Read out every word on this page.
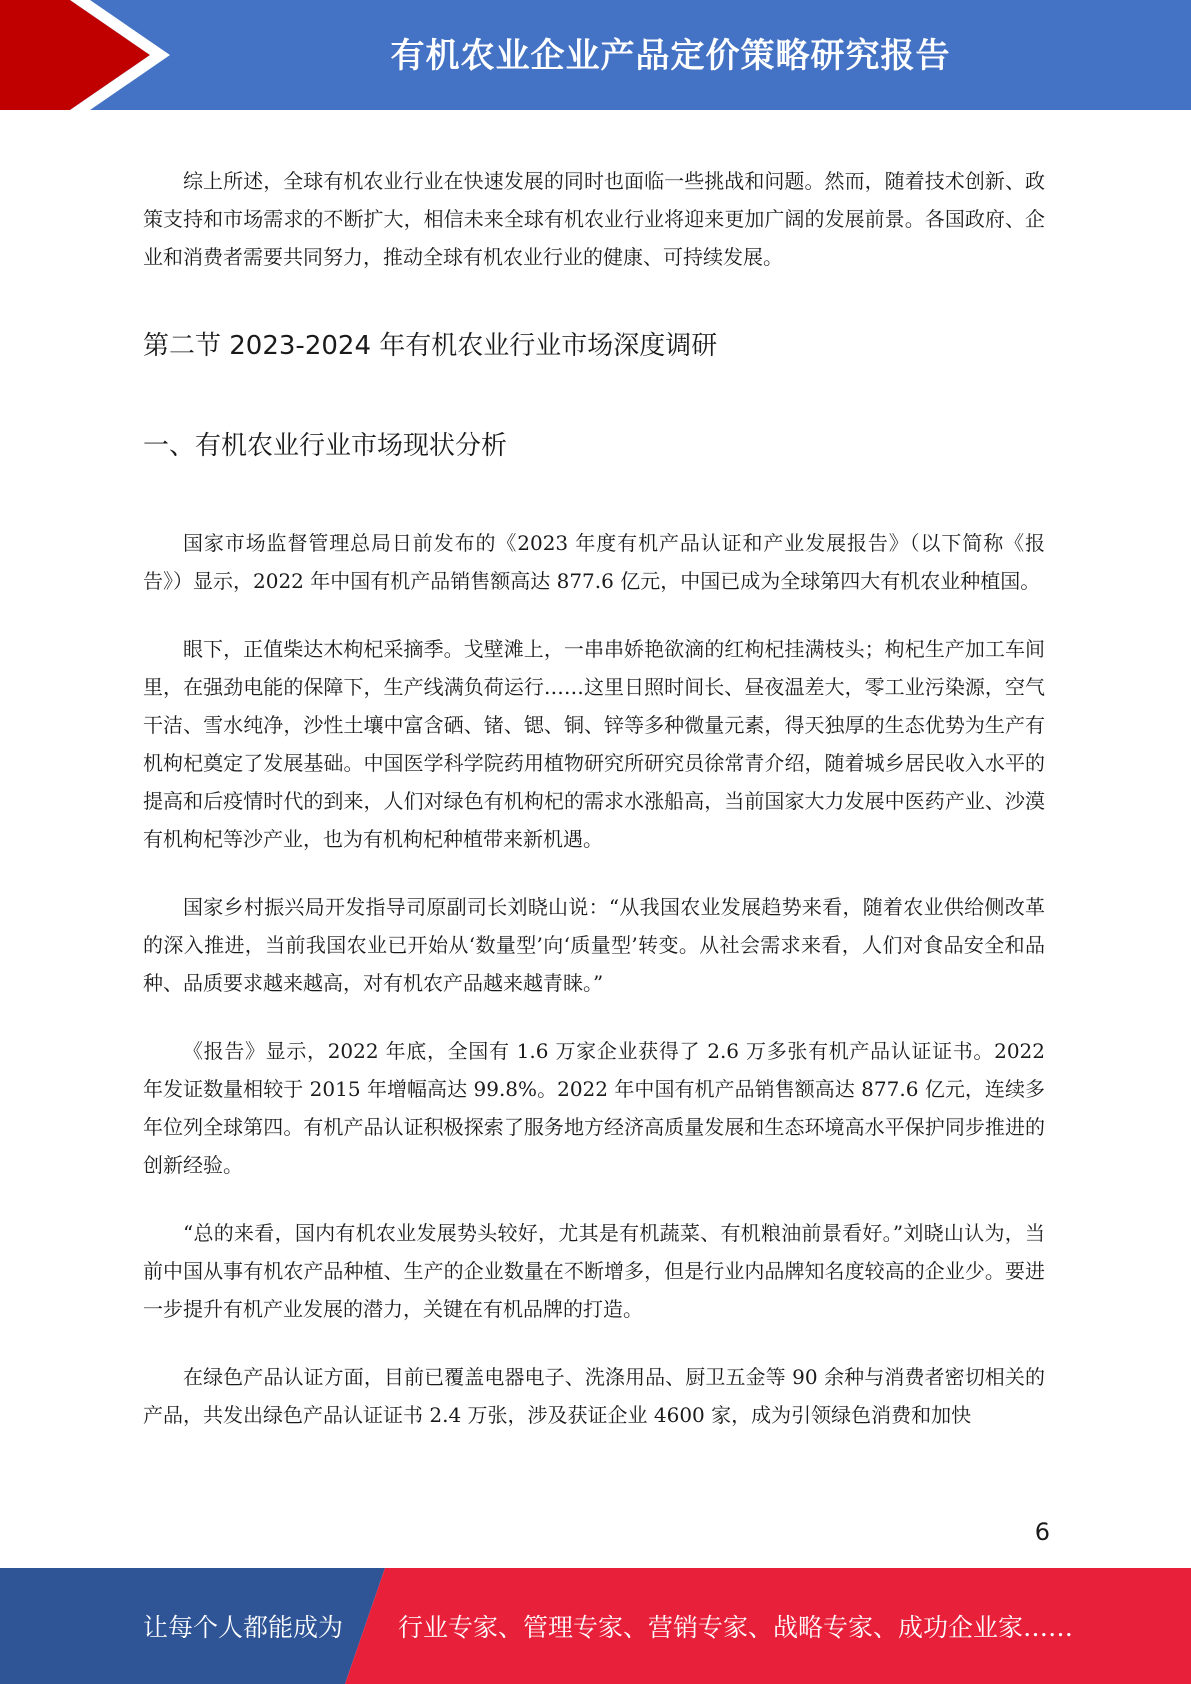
有机农业企业产品定价策略研究报告

综上所述，全球有机农业行业在快速发展的同时也面临一些挑战和问题。然而，随着技术创新、政策支持和市场需求的不断扩大，相信未来全球有机农业行业将迎来更加广阔的发展前景。各国政府、企业和消费者需要共同努力，推动全球有机农业行业的健康、可持续发展。

第二节 2023-2024 年有机农业行业市场深度调研
一、有机农业行业市场现状分析

国家市场监督管理总局日前发布的《2023 年度有机产品认证和产业发展报告》（以下简称《报告》）显示，2022 年中国有机产品销售额高达 877.6 亿元，中国已成为全球第四大有机农业种植国。

眼下，正值柴达木枸杞采摘季。戈壁滩上，一串串娇艳欲滴的红枸杞挂满枝头；枸杞生产加工车间里，在强劲电能的保障下，生产线满负荷运行……这里日照时间长、昼夜温差大，零工业污染源，空气干洁、雪水纯净，沙性土壤中富含硒、锗、锶、铜、锌等多种微量元素，得天独厚的生态优势为生产有机枸杞奠定了发展基础。中国医学科学院药用植物研究所研究员徐常青介绍，随着城乡居民收入水平的提高和后疫情时代的到来，人们对绿色有机枸杞的需求水涨船高，当前国家大力发展中医药产业、沙漠有机枸杞等沙产业，也为有机枸杞种植带来新机遇。

国家乡村振兴局开发指导司原副司长刘晓山说：“从我国农业发展趋势来看，随着农业供给侧改革的深入推进，当前我国农业已开始从‘数量型’向‘质量型’转变。从社会需求来看，人们对食品安全和品种、品质要求越来越高，对有机农产品越来越青睐。”

《报告》显示，2022 年底，全国有 1.6 万家企业获得了 2.6 万多张有机产品认证证书。2022 年发证数量相较于 2015 年增幅高达 99.8%。2022 年中国有机产品销售额高达 877.6 亿元，连续多年位列全球第四。有机产品认证积极探索了服务地方经济高质量发展和生态环境高水平保护同步推进的创新经验。

“总的来看，国内有机农业发展势头较好，尤其是有机蔬菜、有机粮油前景看好。”刘晓山认为，当前中国从事有机农产品种植、生产的企业数量在不断增多，但是行业内品牌知名度较高的企业少。要进一步提升有机产业发展的潜力，关键在有机品牌的打造。

在绿色产品认证方面，目前已覆盖电器电子、洗涤用品、厨卫五金等 90 余种与消费者密切相关的产品，共发出绿色产品认证证书 2.4 万张，涉及获证企业 4600 家，成为引领绿色消费和加快

6
让每个人都能成为 行业专家、管理专家、营销专家、战略专家、成功企业家……
